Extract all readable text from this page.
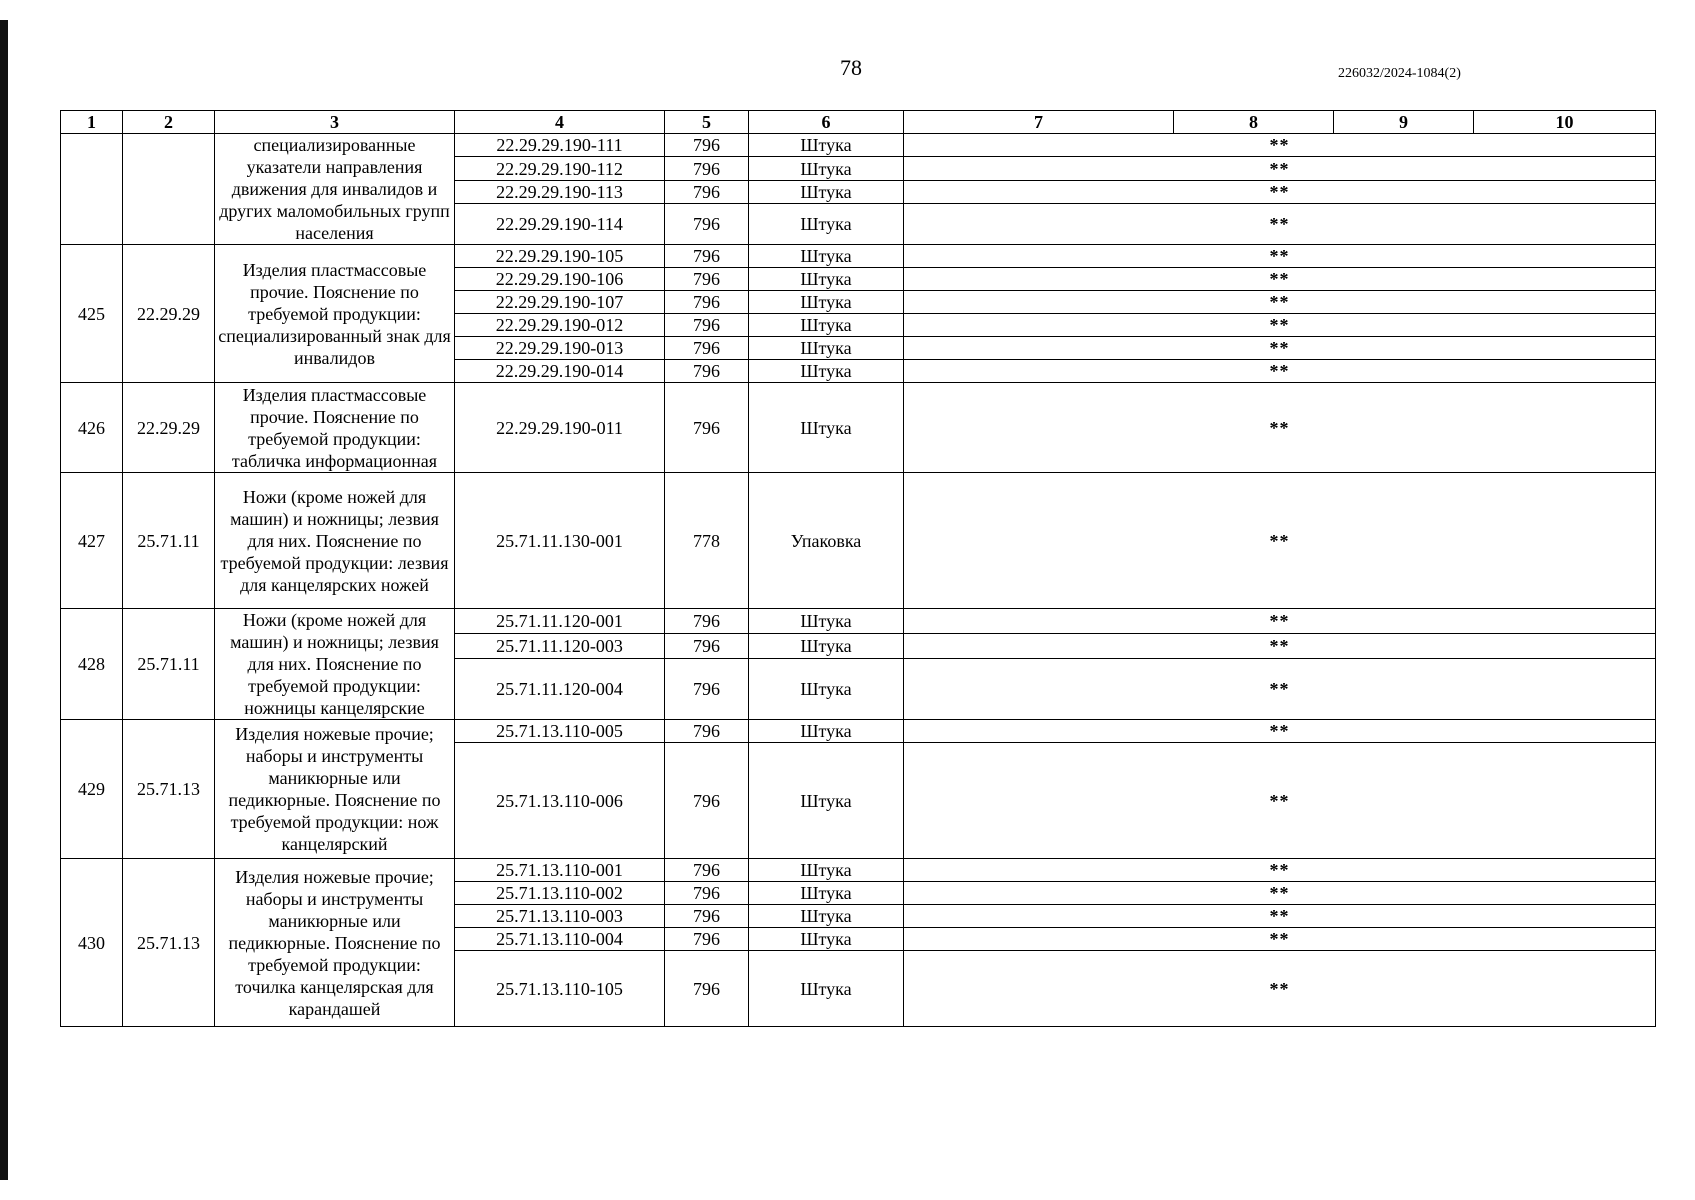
78	226032/2024-1084(2)
1	2	3	4	5	6	7	8	9	10
		специализированные указатели направления движения для инвалидов и других маломобильных групп населения	22.29.29.190-111	796	Штука	**			
			22.29.29.190-112	796	Штука	**			
			22.29.29.190-113	796	Штука	**			
			22.29.29.190-114	796	Штука	**			
425	22.29.29	Изделия пластмассовые прочие. Пояснение по требуемой продукции: специализированный знак для инвалидов	22.29.29.190-105	796	Штука	**			
			22.29.29.190-106	796	Штука	**			
			22.29.29.190-107	796	Штука	**			
			22.29.29.190-012	796	Штука	**			
			22.29.29.190-013	796	Штука	**			
			22.29.29.190-014	796	Штука	**			
426	22.29.29	Изделия пластмассовые прочие. Пояснение по требуемой продукции: табличка информационная	22.29.29.190-011	796	Штука	**			
427	25.71.11	Ножи (кроме ножей для машин) и ножницы; лезвия для них. Пояснение по требуемой продукции: лезвия для канцелярских ножей	25.71.11.130-001	778	Упаковка	**			
428	25.71.11	Ножи (кроме ножей для машин) и ножницы; лезвия для них. Пояснение по требуемой продукции: ножницы канцелярские	25.71.11.120-001	796	Штука	**			
			25.71.11.120-003	796	Штука	**			
			25.71.11.120-004	796	Штука	**			
429	25.71.13	Изделия ножевые прочие; наборы и инструменты маникюрные или педикюрные. Пояснение по требуемой продукции: нож канцелярский	25.71.13.110-005	796	Штука	**			
			25.71.13.110-006	796	Штука	**			
430	25.71.13	Изделия ножевые прочие; наборы и инструменты маникюрные или педикюрные. Пояснение по требуемой продукции: точилка канцелярская для карандашей	25.71.13.110-001	796	Штука	**			
			25.71.13.110-002	796	Штука	**			
			25.71.13.110-003	796	Штука	**			
			25.71.13.110-004	796	Штука	**			
			25.71.13.110-105	796	Штука	**			
